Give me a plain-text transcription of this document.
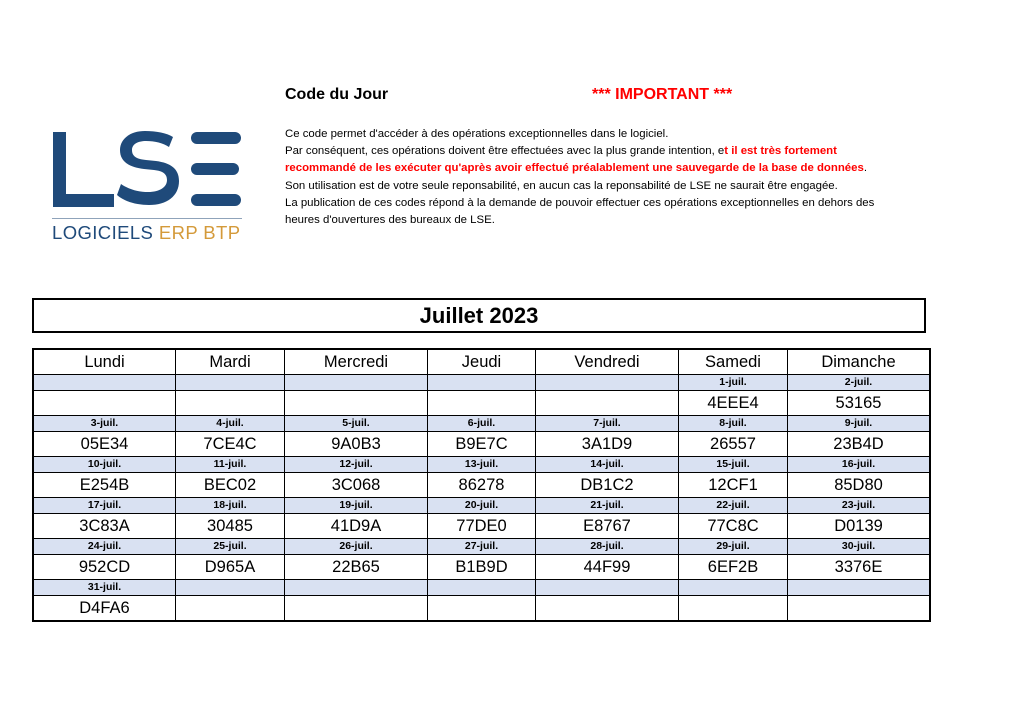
LOGICIELS ERP BTP
Code du Jour	*** IMPORTANT ***
Ce code permet d'accéder à des opérations exceptionnelles dans le logiciel.
Par conséquent, ces opérations doivent être effectuées avec la plus grande intention, et il est très fortement
recommandé de les exécuter qu'après avoir effectué préalablement une sauvegarde de la base de données.
Son utilisation est de votre seule reponsabilité, en aucun cas la reponsabilité de LSE ne saurait être engagée.
La publication de ces codes répond à la demande de pouvoir effectuer ces opérations exceptionnelles en dehors des
heures d'ouvertures des bureaux de LSE.
Juillet 2023
Lundi	Mardi	Mercredi	Jeudi	Vendredi	Samedi	Dimanche
					1-juil.	2-juil.
					4EEE4	53165
3-juil.	4-juil.	5-juil.	6-juil.	7-juil.	8-juil.	9-juil.
05E34	7CE4C	9A0B3	B9E7C	3A1D9	26557	23B4D
10-juil.	11-juil.	12-juil.	13-juil.	14-juil.	15-juil.	16-juil.
E254B	BEC02	3C068	86278	DB1C2	12CF1	85D80
17-juil.	18-juil.	19-juil.	20-juil.	21-juil.	22-juil.	23-juil.
3C83A	30485	41D9A	77DE0	E8767	77C8C	D0139
24-juil.	25-juil.	26-juil.	27-juil.	28-juil.	29-juil.	30-juil.
952CD	D965A	22B65	B1B9D	44F99	6EF2B	3376E
31-juil.						
D4FA6						
